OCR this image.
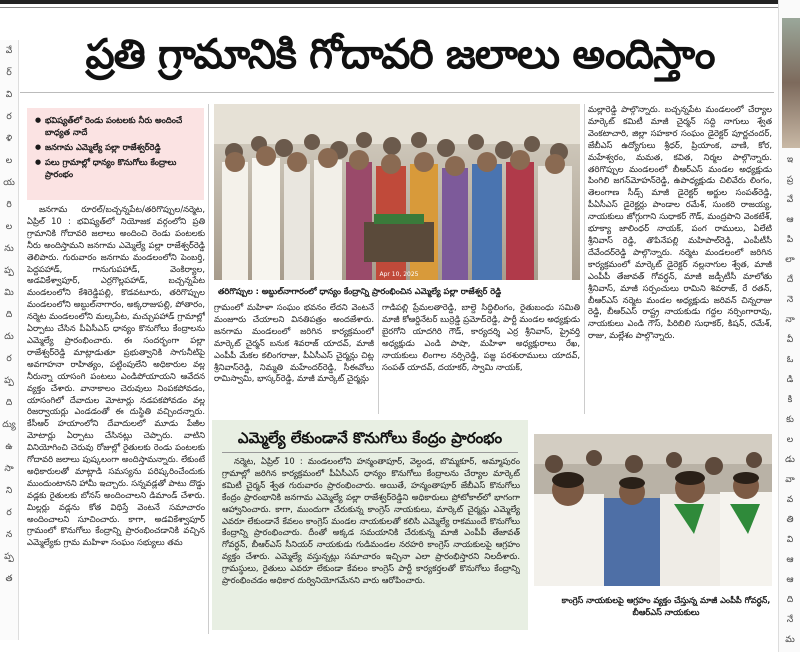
వే
ర్
వి
ర
ళి
ల
య
రి
ల
ను
ప్ప
మి
ది
దు
ర
ప్ప
ది
ద్యు
ఉ
సా
ని
ర
న
ప్ప
త
ఇ
ప్ర
వే
ఆ
పి
లా
దే
నె
నా
వీ
ఓ
డి
కి
కు
ల
డు
వా
వ
తి
వి
ఆ
ఆ
ది
నే
మ
ప్రతి గ్రామానికి గోదావరి జలాలు అందిస్తాం
● భవిష్యత్‌లో రెండు పంటలకు నీరు అందించే బాధ్యత నాదే
● జనగామ ఎమ్మెల్యే పల్లా రాజేశ్వర్‌రెడ్డి
● పలు గ్రామాల్లో ధాన్యం కొనుగోలు కేంద్రాలు ప్రారంభం

జనగామ రూరల్‌/బచ్చన్నపేట/తరిగొప్పుల/నర్మెట, ఏప్రిల్ 10 : భవిష్యత్‌లో నియోజక వర్గంలోని ప్రతి గ్రామానికి గోదావరి జలాలు అందించి రెండు పంటలకు నీరు అందిస్తామని జనగామ ఎమ్మెల్యే పల్లా రాజేశ్వర్‌రెడ్డి తెలిపారు. గురువారం జనగామ మండలంలోని పెంబర్తి, పెద్దపహాడ్, గానుగుపహాడ్, వెంకిర్యాల, అడవికేశ్వాపూర్, ఎర్రగొల్లపహాడ్, బచ్చన్నపేట మండలంలోని కేశిరెడ్డిపల్లి, కొడవటూరు, తరిగొప్పుల మండలంలోని అబ్దుల్‌నాగారం, అక్కరాజుపల్లి, పోతారం, నర్మెట మండలంలోని మల్కపేట, మచ్చుపహాడ్ గ్రామాల్లో ఏర్పాటు చేసిన పీఏసీఎస్ ధాన్యం కొనుగోలు కేంద్రాలను ఎమ్మెల్యే ప్రారంభించారు. ఈ సందర్భంగా పల్లా రాజేశ్వర్‌రెడ్డి మాట్లాడుతూ ప్రభుత్వానికి సాగునీటిపై అవగాహనా రాహిత్యం, పట్టింపులేని అధికారుల వల్ల నీరున్నా యాసంగి పంటలు ఎండిపోయాయని ఆవేదన వ్యక్తం చేశారు. వానాకాలం చెరువులు నింపకపోవడం, యాసంగిలో దేవాదుల మోటార్లు నడపకపోవడం వల్ల రిజర్వాయర్లు ఎండడంతో ఈ దుస్థితి వచ్చిందన్నారు. కేసీఆర్ హయాంలోని దేవాదులలో మూడు పేజీల మోటార్లు ఏర్పాటు చేసినట్లు చెప్పారు. వాటిని వినియోగించి చెరువు రోజుల్లో రైతులకు రెండు పంటలకు గోదావరి జలాలు పుష్కలంగా అందిస్తామన్నారు. లేకుంటే అధికారులతో మాట్లాడి సమస్యను పరిష్కరించేందుకు ముందుంటానని హామీ ఇచ్చారు. సన్నవడ్లతో పాటు దొడ్డు వడ్లకు రైతులకు బోనస్ అందించాలని డిమాండ్ చేశారు. మిల్లర్లు వడ్లను కోత విధిస్తే వెంటనే సమాచారం అందించాలని సూచించారు. కాగా, అడవికేశ్వాపూర్ గ్రామంలో కొనుగోలు కేంద్రాన్ని ప్రారంభించడానికి వచ్చిన ఎమ్మెల్యేకు గ్రామ మహిళా సంఘం సభ్యులు తమ

Apr 10, 2025
తరిగొప్పుల : అబ్దుల్‌నాగారంలో ధాన్యం కేంద్రాన్ని ప్రారంభించిన ఎమ్మెల్యే పల్లా రాజేశ్వర్ రెడ్డి

గ్రామంలో మహిళా సంఘం భవనం లేదని వెంటనే మంజూరు చేయాలని వినతిపత్రం అందజేశారు. జనగామ మండలంలో జరిగిన కార్యక్రమంలో మార్కెట్ చైర్మన్ బనుక శివరాజ్ యాదవ్, మాజీ ఎంపీపీ మేకల కలింగరాజు, పీఏసీఎస్ చైర్మన్లు చిట్ల శ్రీనివాస్‌రెడ్డి, నిమ్మతి మహేందర్‌రెడ్డి, సీఈవోలు రామిస్వామి, భాస్కర్‌రెడ్డి, మాజీ మార్కెట్ చైర్మన్లు

గాడిపల్లి ప్రేమలతారెడ్డి, బాల్దె సిద్ధిలింగం, రైతుబంధు సమితి మాజీ కోఆర్డినేటర్ బుర్రెడ్డి ప్రమోద్‌రెడ్డి, పార్టీ మండల అధ్యక్షుడు బైరగోని యాదగిరి గౌడ్, కార్యదర్శి ఎర్ర శ్రీనివాస్, ప్రైవర్తి అధ్యక్షుడు ఎండి పాషా, మహిళా అధ్యక్షురాలు రేఖ, నాయకులు లింగాల నర్సిరెడ్డి, పజ్జ పరశురాములు యాదవ్, సంపత్ యాదవ్, దయాకర్, స్వామి నాయక్,

మల్లారెడ్డి పాల్గొన్నారు. బచ్చన్నపేట మండలంలో చేర్యాల మార్కెట్ కమిటీ మాజీ చైర్మన్ సద్ది నాగులు శ్వేత వెంకటాచారి, జిల్లా సహకార సంఘం డైరెక్టర్ పూర్ణచందర్, జేబీఎస్ ఉద్యోగులు శ్రీధర్, ప్రియాంక, వాణి, కోర, మహేశ్వరం, మమత, కవిత, నిర్మల పాల్గొన్నారు. తరిగొప్పుల మండలంలో బీఆర్‌ఎస్ మండల అధ్యక్షుడు పింగిలి జగన్‌మోహన్‌రెడ్డి, ఉపాధ్యక్షుడు చిలివేరు లింగం, తెలంగాణ సీడ్స్ మాజీ డైరెక్టర్ అర్జుల సంపత్‌రెడ్డి, పీఏసీఎస్ డైరెక్టర్లు పాండాల రమేశ్, సుంకరి రాజయ్య, నాయకులు జోగ్గుగాని సుధాకర్ గౌడ్, మంద్రపాని వెంకటేశ్, భూక్యా జాలింధర్ నాయక్, పంగ రాములు, ఏలేటి శ్రీనివాస్ రెడ్డి, తొపినేపల్లి మహిపాల్‌రెడ్డి, ఎంపీటీసీ దేవేందర్‌రెడ్డి పాల్గొన్నారు. నర్మెట మండలంలో జరిగిన కార్యక్రమంలో మార్కెట్ డైరెక్టర్ నల్లనాగుల శ్వేత, మాజీ ఎంపీపీ తేజావత్ గోవర్ధన్, మాజీ జడ్పీటీసీ మాలోతు శ్రీనివాస్, మాజీ సర్పంచులు రామిని శివరాజ్, రే రతన్, బీఆర్‌ఎస్ నర్మెట మండల అధ్యక్షుడు జరివన్ చిన్నరాజు రెడ్డి, బీఆర్‌ఎస్ రాష్ట్ర నాయకుడు గద్దల నర్సింగారావు, నాయకులు ఎండి గౌస్, పిరిబిలి సుధాకర్, కిషన్, రమేశ్, రాజు, మల్లేశం పాల్గొన్నారు.

ఎమ్మెల్యే లేకుండానే కొనుగోలు కేంద్రం ప్రారంభం

నర్మెట, ఏప్రిల్ 10 : మండలంలోని హన్మంతాపూర్, వెల్దండ, బొమ్మకూర్, అమ్మాపురం గ్రామాల్లో జరిగిన కార్యక్రమంలో పీఏసీఎస్ ధాన్యం కొనుగోలు కేంద్రాలను చేర్యాల మార్కెట్ కమిటీ చైర్మన్ శ్వేత గురువారం ప్రారంభించారు. అయితే, హన్మంతాపూర్ జేబీఎస్ కొనుగోలు కేంద్రం ప్రారంభానికి జనగామ ఎమ్మెల్యే పల్లా రాజేశ్వర్‌రెడ్డిని అధికారులు ప్రోటోకాల్‌లో భాగంగా ఆహ్వానించారు. కాగా, ముందుగా చేరుకున్న కాంగ్రెస్ నాయకులు, మార్కెట్ చైర్మన్లు ఎమ్మెల్యే ఎవరూ లేకుండానే కేవలం కాంగ్రెస్ మండల నాయకులతో కలిసి ఎమ్మెల్యే రాకముందే కొనుగోలు కేంద్రాన్ని ప్రారంభించారు. దీంతో అక్కడ సమయానికి చేరుకున్న మాజీ ఎంపీపీ తేజావత్ గోవర్ధన్, బీఆర్‌ఎస్ సీనియర్ నాయకుడు గుడిమండల నరహరి కాంగ్రెస్ నాయకులపై ఆగ్రహం వ్యక్తం చేశారు. ఎమ్మెల్యే వస్తున్నట్లు సమాచారం ఇచ్చినా ఎలా ప్రారంభిస్తారని నిలదీశారు. గ్రామస్థులు, రైతులు ఎవరూ లేకుండా కేవలం కాంగ్రెస్ పార్టీ కార్యకర్తలతో కొనుగోలు కేంద్రాన్ని ప్రారంభించడం అధికార దుర్వినియోగమేనని వారు ఆరోపించారు.

కాంగ్రెస్ నాయకులపై ఆగ్రహం వ్యక్తం చేస్తున్న మాజీ ఎంపీపీ గోవర్ధన్, బీఆర్‌ఎస్ నాయకులు
